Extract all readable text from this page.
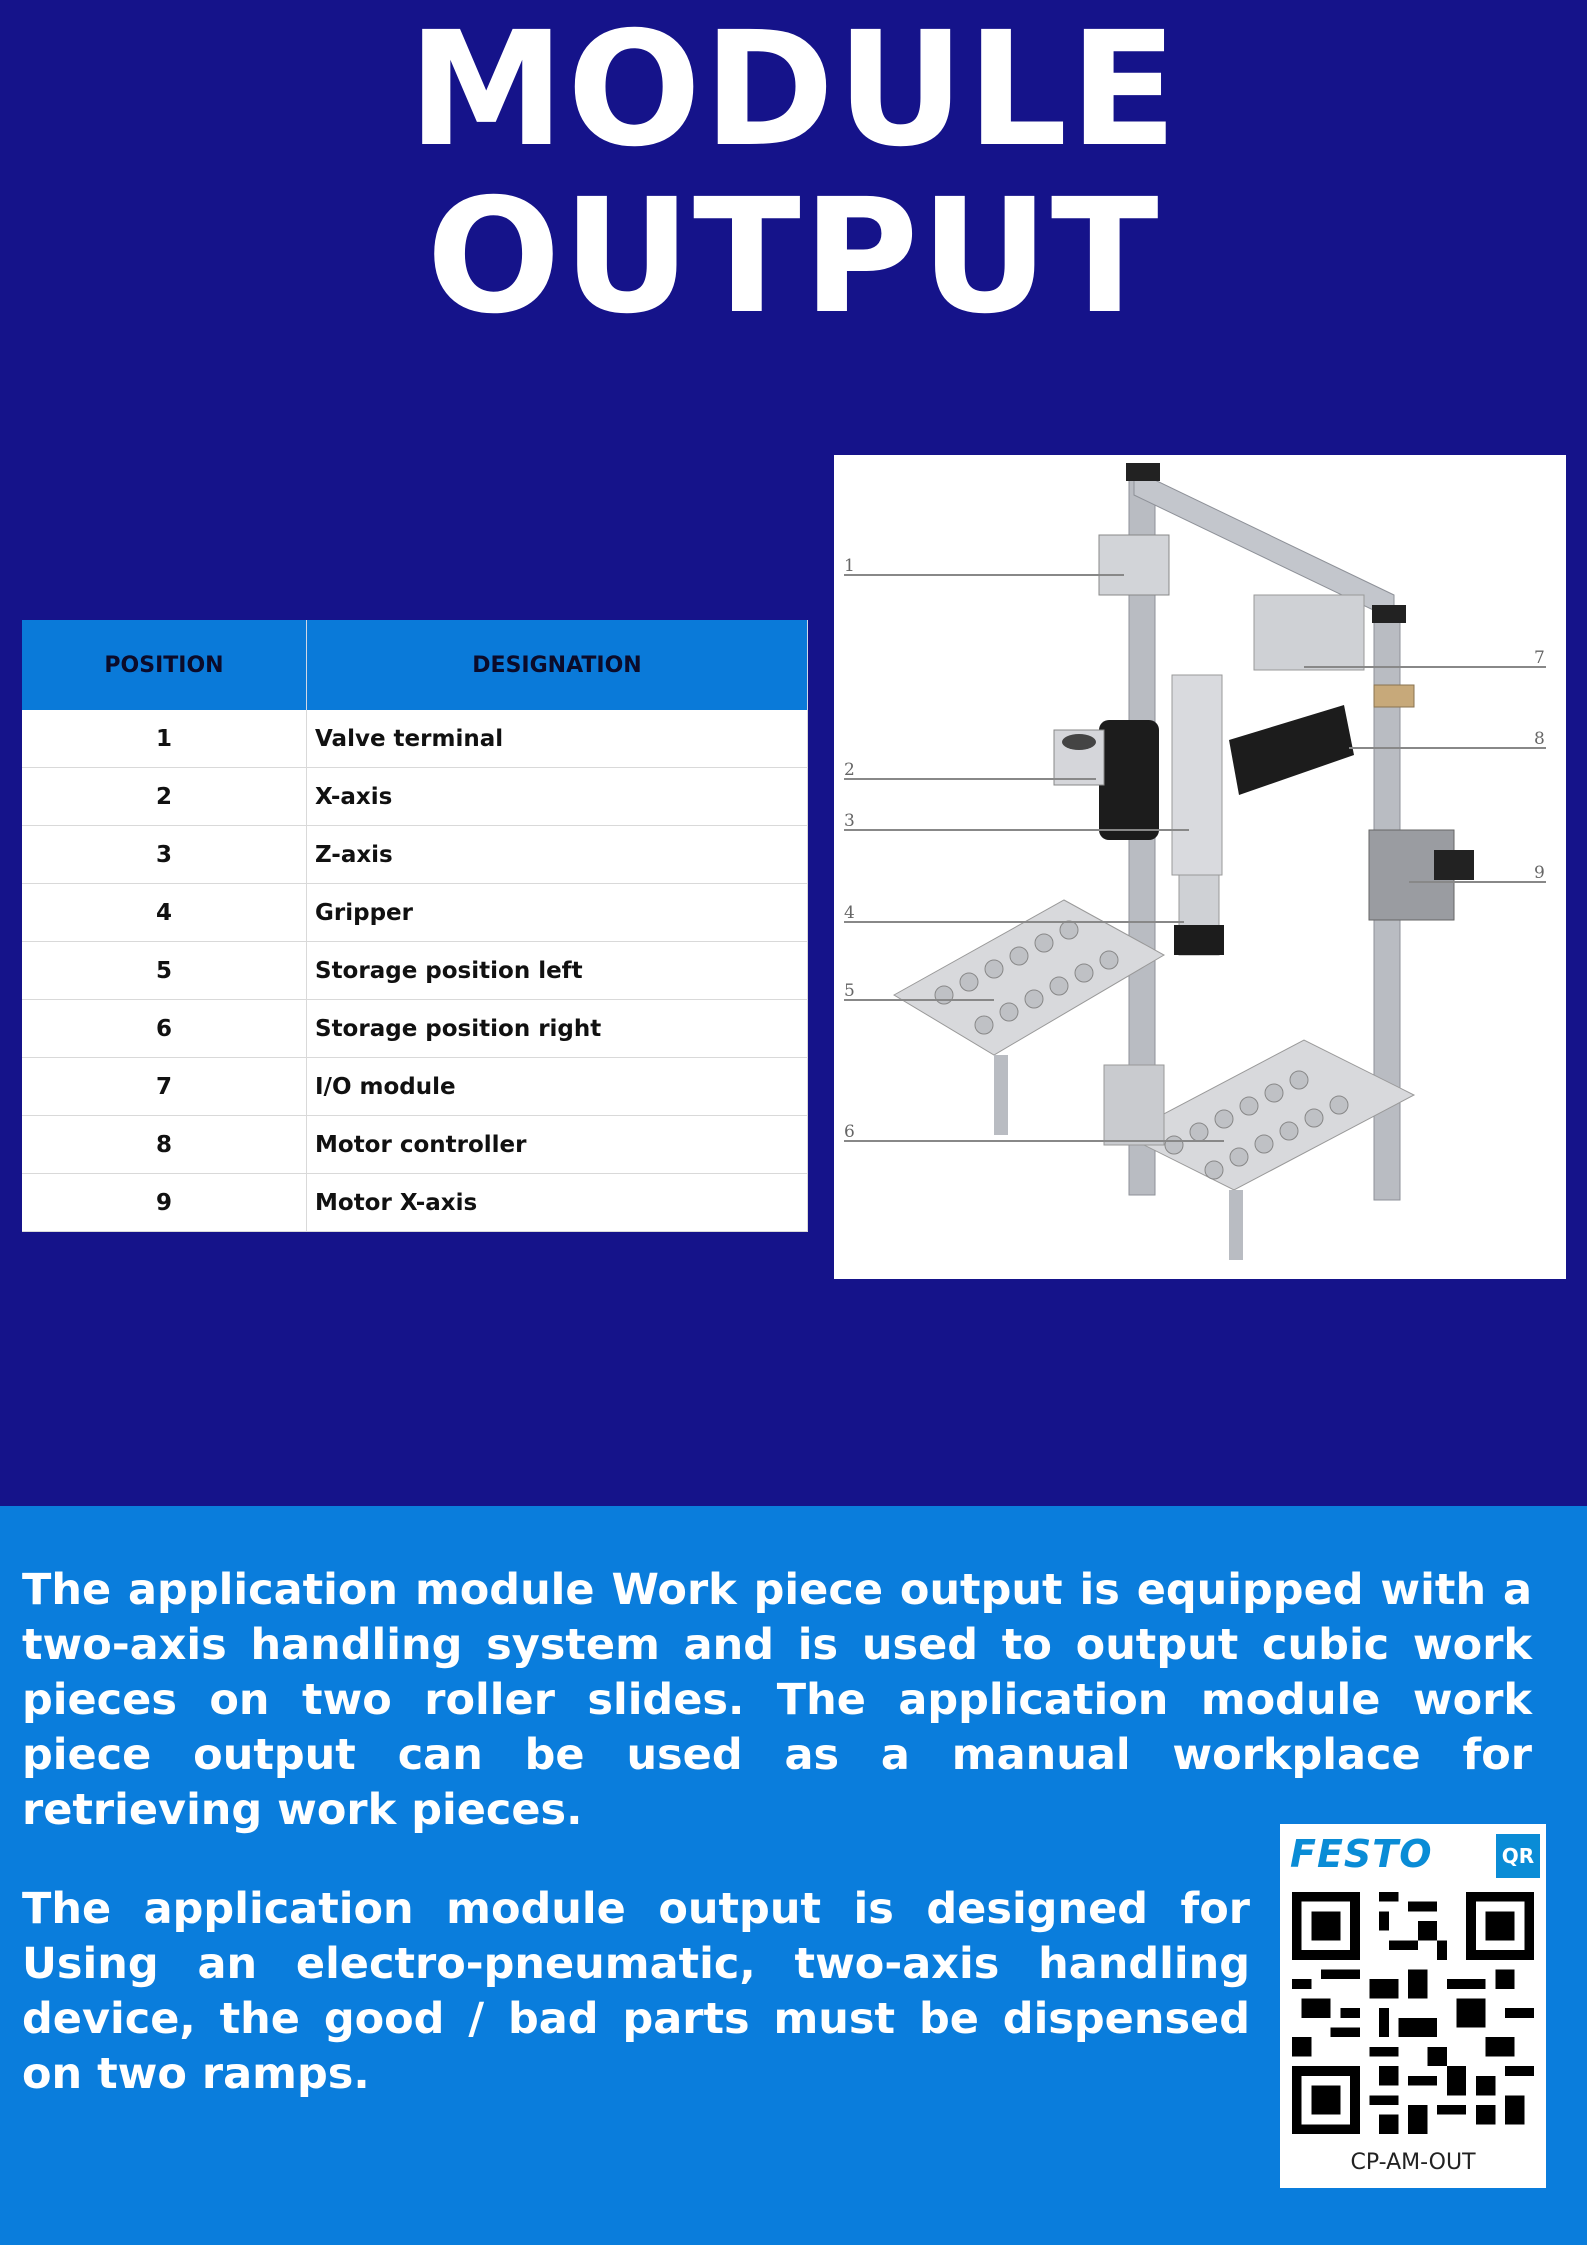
MODULE
OUTPUT
POSITION	DESIGNATION
1	Valve terminal
2	X-axis
3	Z-axis
4	Gripper
5	Storage position left
6	Storage position right
7	I/O module
8	Motor controller
9	Motor X-axis
1
2
3
4
5
6
7
8
9

The application module Work piece output is equipped with a two-axis handling system and is used to output cubic work pieces on two roller slides. The application module work piece output can be used as a manual workplace for retrieving work pieces.

The application module output is designed for Using an electro-pneumatic, two-axis handling device, the good / bad parts must be dispensed on two ramps.

FESTO	QR
CP-AM-OUT
